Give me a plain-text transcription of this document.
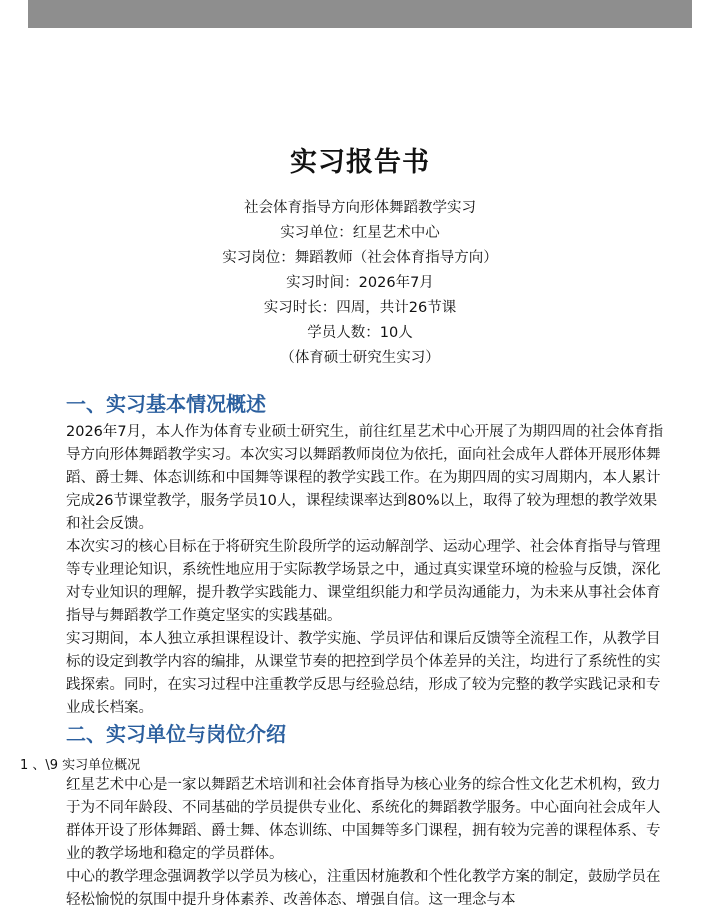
实习报告书
社会体育指导方向形体舞蹈教学实习
实习单位：红星艺术中心
实习岗位：舞蹈教师（社会体育指导方向）
实习时间：2026年7月
实习时长：四周，共计26节课
学员人数：10人
（体育硕士研究生实习）
一、实习基本情况概述

2026年7月，本人作为体育专业硕士研究生，前往红星艺术中心开展了为期四周的社会体育指导方向形体舞蹈教学实习。本次实习以舞蹈教师岗位为依托，面向社会成年人群体开展形体舞蹈、爵士舞、体态训练和中国舞等课程的教学实践工作。在为期四周的实习周期内，本人累计完成26节课堂教学，服务学员10人，课程续课率达到80%以上，取得了较为理想的教学效果和社会反馈。

本次实习的核心目标在于将研究生阶段所学的运动解剖学、运动心理学、社会体育指导与管理等专业理论知识，系统性地应用于实际教学场景之中，通过真实课堂环境的检验与反馈，深化对专业知识的理解，提升教学实践能力、课堂组织能力和学员沟通能力，为未来从事社会体育指导与舞蹈教学工作奠定坚实的实践基础。

实习期间，本人独立承担课程设计、教学实施、学员评估和课后反馈等全流程工作，从教学目标的设定到教学内容的编排，从课堂节奏的把控到学员个体差异的关注，均进行了系统性的实践探索。同时，在实习过程中注重教学反思与经验总结，形成了较为完整的教学实践记录和专业成长档案。

二、实习单位与岗位介绍
1 、\9 实习单位概况

红星艺术中心是一家以舞蹈艺术培训和社会体育指导为核心业务的综合性文化艺术机构，致力于为不同年龄段、不同基础的学员提供专业化、系统化的舞蹈教学服务。中心面向社会成年人群体开设了形体舞蹈、爵士舞、体态训练、中国舞等多门课程，拥有较为完善的课程体系、专业的教学场地和稳定的学员群体。

中心的教学理念强调教学以学员为核心，注重因材施教和个性化教学方案的制定，鼓励学员在轻松愉悦的氛围中提升身体素养、改善体态、增强自信。这一理念与本
